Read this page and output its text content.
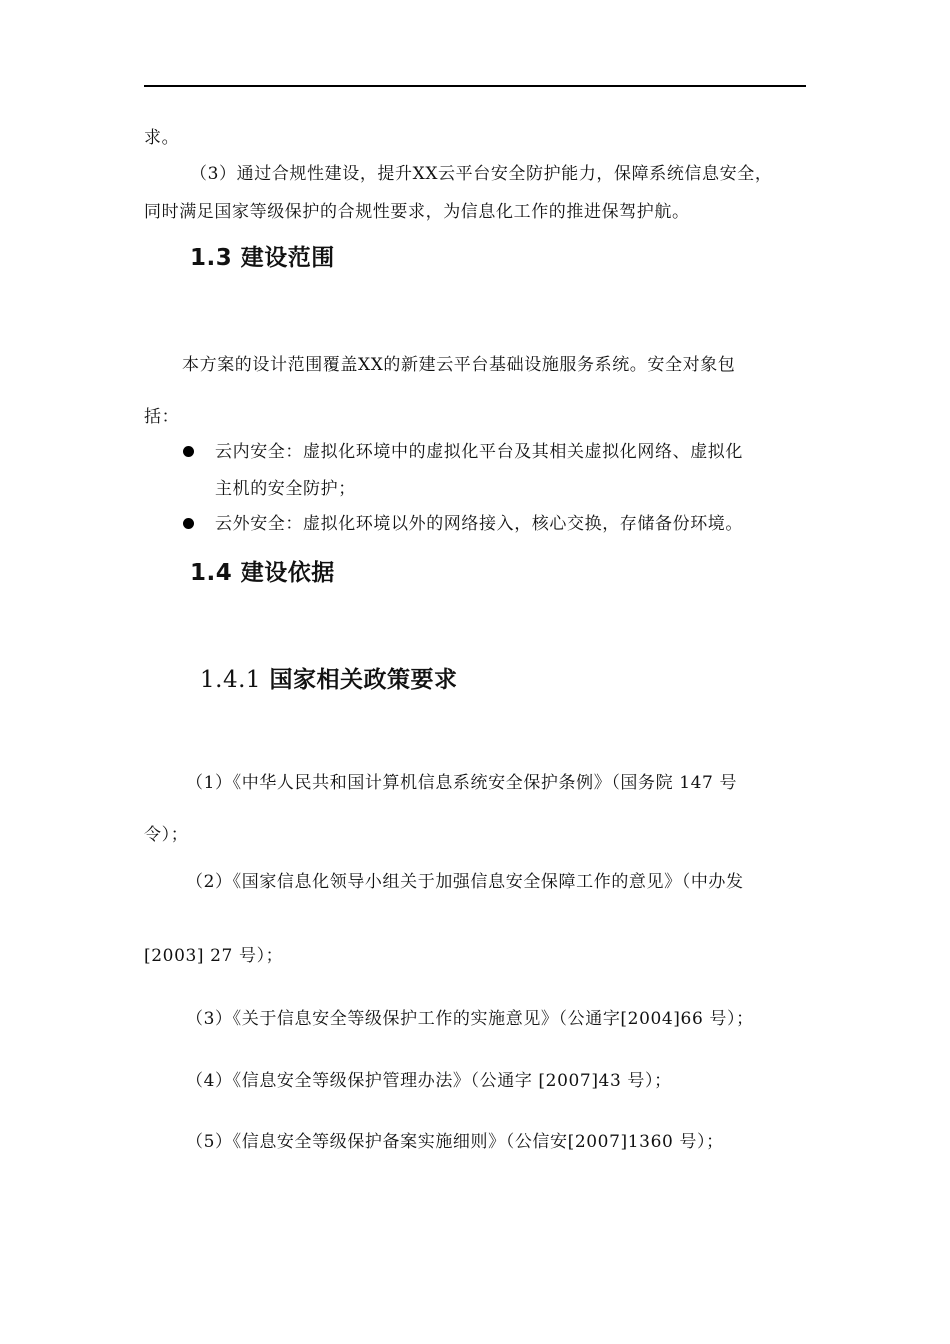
求。
（3）通过合规性建设，提升XX云平台安全防护能力，保障系统信息安全，
同时满足国家等级保护的合规性要求，为信息化工作的推进保驾护航。
1.3 建设范围
本方案的设计范围覆盖XX的新建云平台基础设施服务系统。安全对象包
括：
云内安全：虚拟化环境中的虚拟化平台及其相关虚拟化网络、虚拟化
主机的安全防护；
云外安全：虚拟化环境以外的网络接入，核心交换，存储备份环境。
1.4 建设依据
1.4.1 国家相关政策要求
（1）《中华人民共和国计算机信息系统安全保护条例》（国务院 147 号
令）；
（2）《国家信息化领导小组关于加强信息安全保障工作的意见》（中办发
[2003] 27 号）；
（3）《关于信息安全等级保护工作的实施意见》（公通字[2004]66 号）；
（4）《信息安全等级保护管理办法》（公通字 [2007]43 号）；
（5）《信息安全等级保护备案实施细则》（公信安[2007]1360 号）；
